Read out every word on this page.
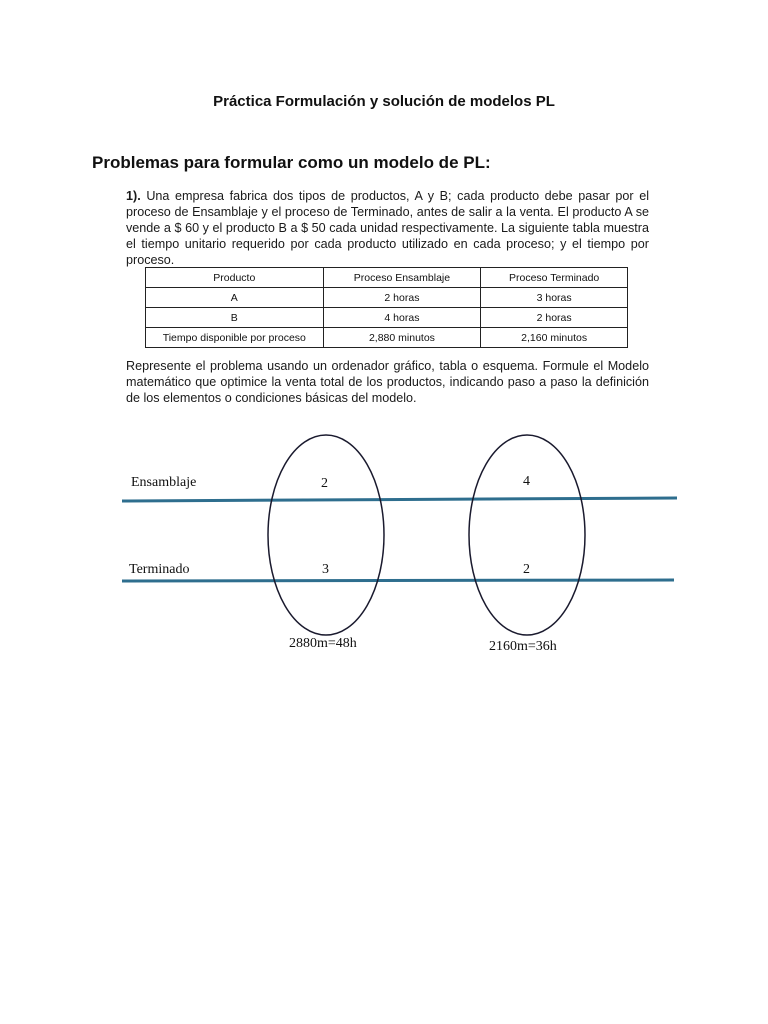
Práctica Formulación y solución de modelos PL
Problemas para formular como un modelo de PL:
1). Una empresa fabrica dos tipos de productos, A y B; cada producto debe pasar por el proceso de Ensamblaje y el proceso de Terminado, antes de salir a la venta. El producto A se vende a $ 60 y el producto B a $ 50 cada unidad respectivamente. La siguiente tabla muestra el tiempo unitario requerido por cada producto utilizado en cada proceso; y el tiempo por proceso.
Producto	Proceso Ensamblaje	Proceso Terminado
A	2 horas	3 horas
B	4 horas	2 horas
Tiempo disponible por proceso	2,880 minutos	2,160 minutos
Represente el problema usando un ordenador gráfico, tabla o esquema. Formule el Modelo matemático que optimice la venta total de los productos, indicando paso a paso la definición de los elementos o condiciones básicas del modelo.
Ensamblaje
Terminado
2
3
4
2
2880m=48h	2160m=36h
